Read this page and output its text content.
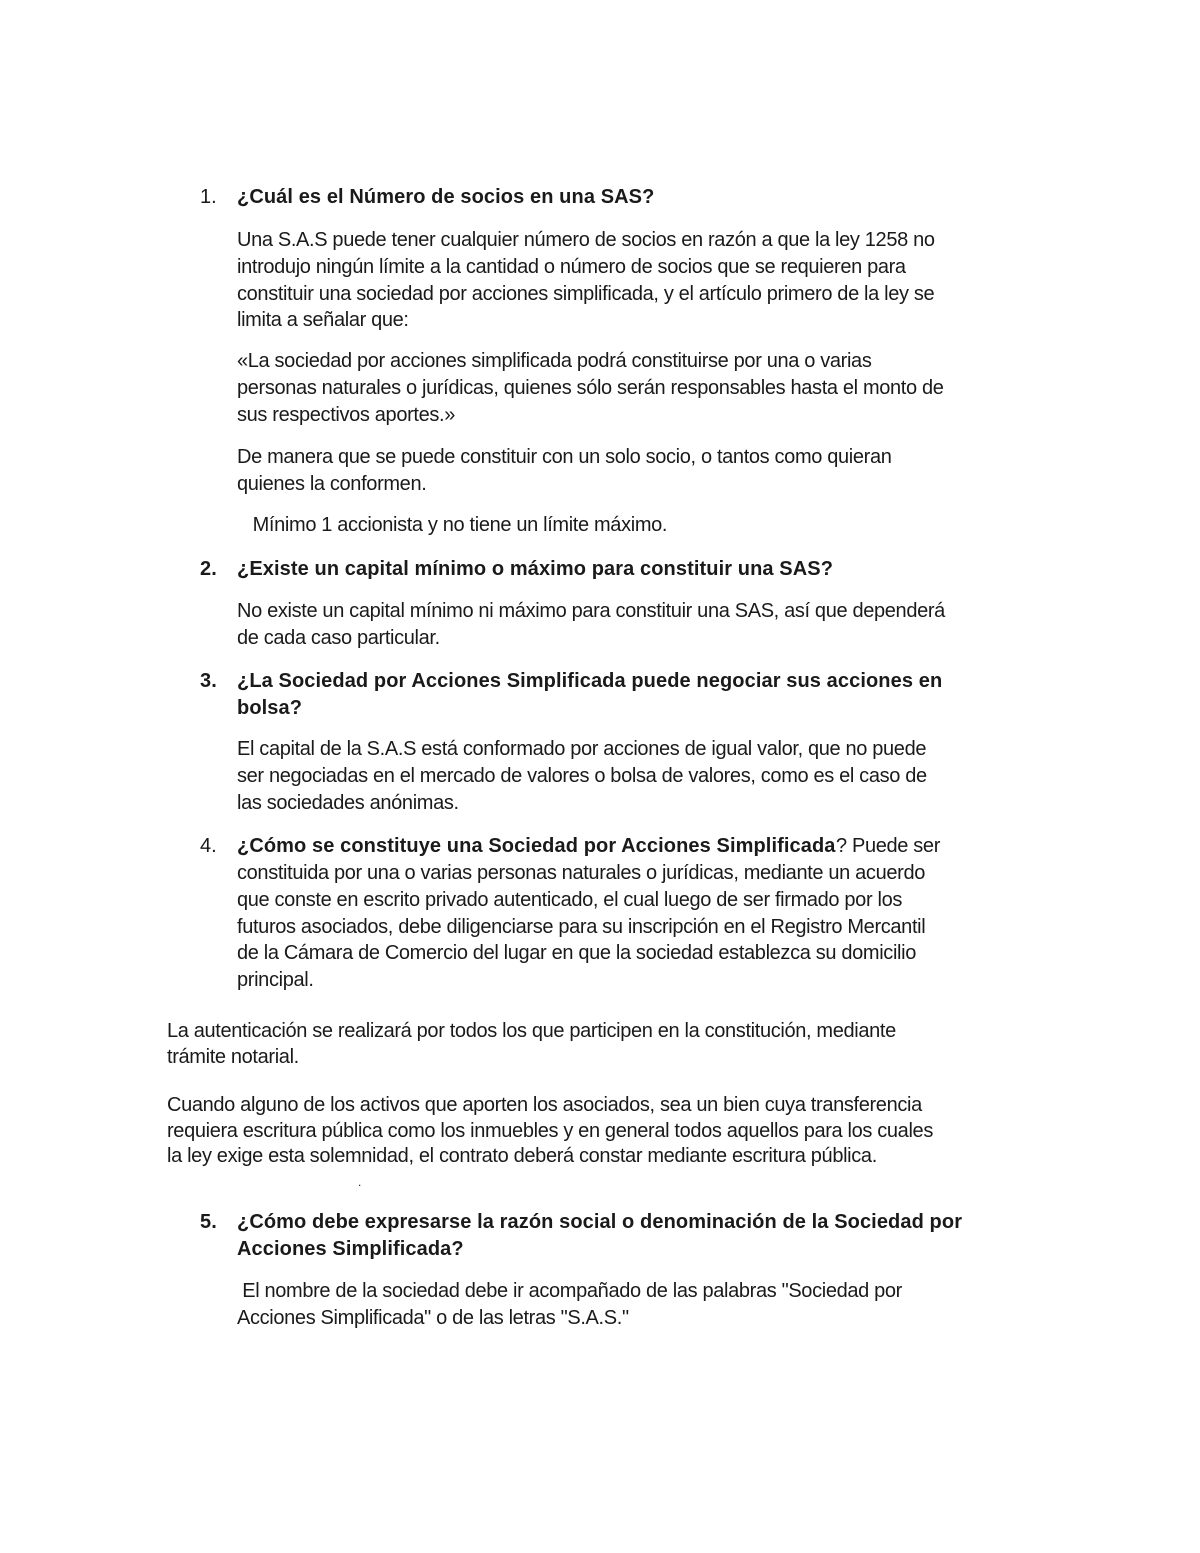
1. ¿Cuál es el Número de socios en una SAS?
Una S.A.S puede tener cualquier número de socios en razón a que la ley 1258 no
introdujo ningún límite a la cantidad o número de socios que se requieren para
constituir una sociedad por acciones simplificada, y el artículo primero de la ley se
limita a señalar que:
«La sociedad por acciones simplificada podrá constituirse por una o varias
personas naturales o jurídicas, quienes sólo serán responsables hasta el monto de
sus respectivos aportes.»
De manera que se puede constituir con un solo socio, o tantos como quieran
quienes la conformen.
Mínimo 1 accionista y no tiene un límite máximo.
2. ¿Existe un capital mínimo o máximo para constituir una SAS?
No existe un capital mínimo ni máximo para constituir una SAS, así que dependerá
de cada caso particular.
3. ¿La Sociedad por Acciones Simplificada puede negociar sus acciones en
bolsa?
El capital de la S.A.S está conformado por acciones de igual valor, que no puede
ser negociadas en el mercado de valores o bolsa de valores, como es el caso de
las sociedades anónimas.
4. ¿Cómo se constituye una Sociedad por Acciones Simplificada ? Puede ser
constituida por una o varias personas naturales o jurídicas, mediante un acuerdo
que conste en escrito privado autenticado, el cual luego de ser firmado por los
futuros asociados, debe diligenciarse para su inscripción en el Registro Mercantil
de la Cámara de Comercio del lugar en que la sociedad establezca su domicilio
principal.
5. ¿Cómo debe expresarse la razón social o denominación de la Sociedad por
Acciones Simplificada?
El nombre de la sociedad debe ir acompañado de las palabras "Sociedad por
Acciones Simplificada" o de las letras "S.A.S."
La autenticación se realizará por todos los que participen en la constitución, mediante
trámite notarial.
Cuando alguno de los activos que aporten los asociados, sea un bien cuya transferencia
requiera escritura pública como los inmuebles y en general todos aquellos para los cuales
la ley exige esta solemnidad, el contrato deberá constar mediante escritura pública.
.
